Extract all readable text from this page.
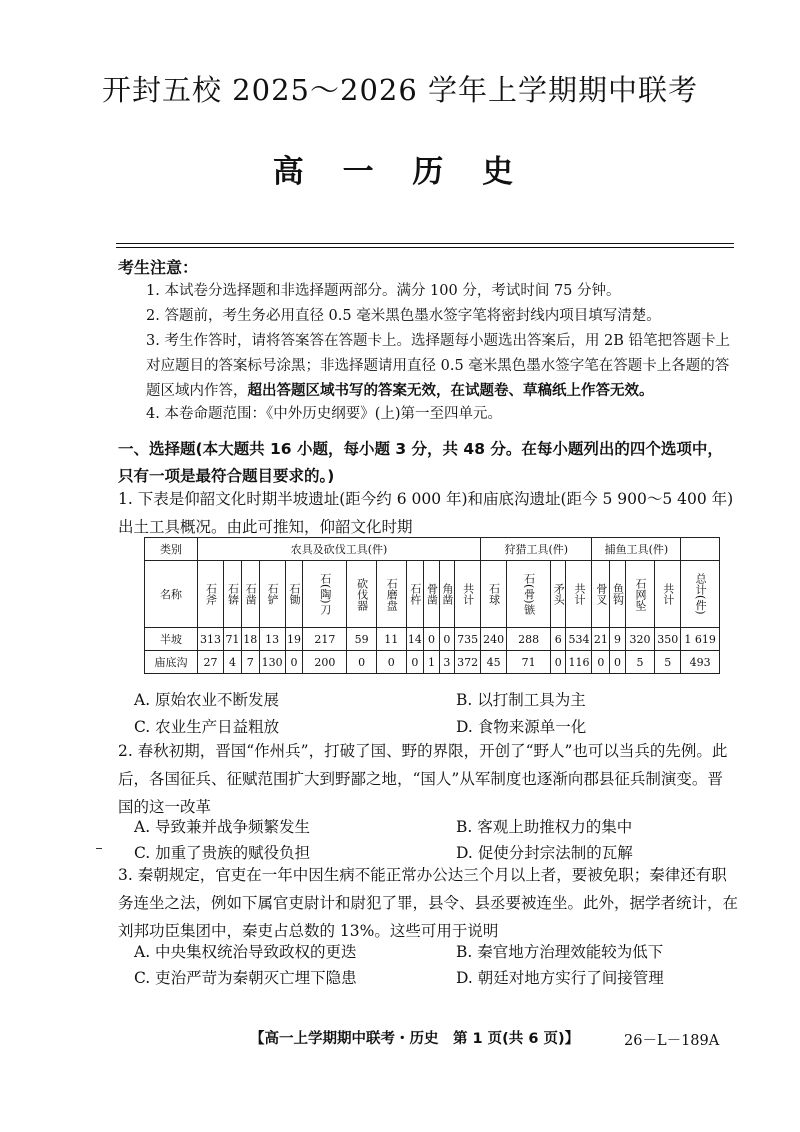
开封五校 2025～2026 学年上学期期中联考
高 一 历 史
考生注意：
1. 本试卷分选择题和非选择题两部分。满分 100 分，考试时间 75 分钟。
2. 答题前，考生务必用直径 0.5 毫米黑色墨水签字笔将密封线内项目填写清楚。
3. 考生作答时，请将答案答在答题卡上。选择题每小题选出答案后，用 2B 铅笔把答题卡上对应题目的答案标号涂黑；非选择题请用直径 0.5 毫米黑色墨水签字笔在答题卡上各题的答题区域内作答，超出答题区域书写的答案无效，在试题卷、草稿纸上作答无效。
4. 本卷命题范围：《中外历史纲要》(上)第一至四单元。
一、选择题(本大题共 16 小题，每小题 3 分，共 48 分。在每小题列出的四个选项中，只有一项是最符合题目要求的。)
1. 下表是仰韶文化时期半坡遗址(距今约 6 000 年)和庙底沟遗址(距今 5 900～5 400 年)出土工具概况。由此可推知，仰韶文化时期
类别	农具及砍伐工具(件)												狩猎工具(件)				捕鱼工具(件)				
名称	石斧	石锛	石凿	石铲	石锄	石(陶)刀	砍伐器	石磨盘	石杵	骨凿	角凿	共计	石球	石(骨)镞	矛头	共计	骨叉	鱼钩	石网坠	共计	总计(件)

半坡	313	71	18	13	19	217	59	11	14	0	0	735	240	288	6	534	21	9	320	350	1 619
庙底沟	27	4	7	130	0	200	0	0	0	1	3	372	45	71	0	116	0	0	5	5	493
A. 原始农业不断发展	B. 以打制工具为主
C. 农业生产日益粗放	D. 食物来源单一化
2. 春秋初期，晋国“作州兵”，打破了国、野的界限，开创了“野人”也可以当兵的先例。此后，各国征兵、征赋范围扩大到野鄙之地，“国人”从军制度也逐渐向郡县征兵制演变。晋国的这一改革
A. 导致兼并战争频繁发生	B. 客观上助推权力的集中
C. 加重了贵族的赋役负担	D. 促使分封宗法制的瓦解
3. 秦朝规定，官吏在一年中因生病不能正常办公达三个月以上者，要被免职；秦律还有职务连坐之法，例如下属官吏尉计和尉犯了罪，县令、县丞要被连坐。此外，据学者统计，在刘邦功臣集团中，秦吏占总数的 13%。这些可用于说明
A. 中央集权统治导致政权的更迭	B. 秦官地方治理效能较为低下
C. 吏治严苛为秦朝灭亡埋下隐患	D. 朝廷对地方实行了间接管理
【高一上学期期中联考・历史　第 1 页(共 6 页)】	26－L－189A
